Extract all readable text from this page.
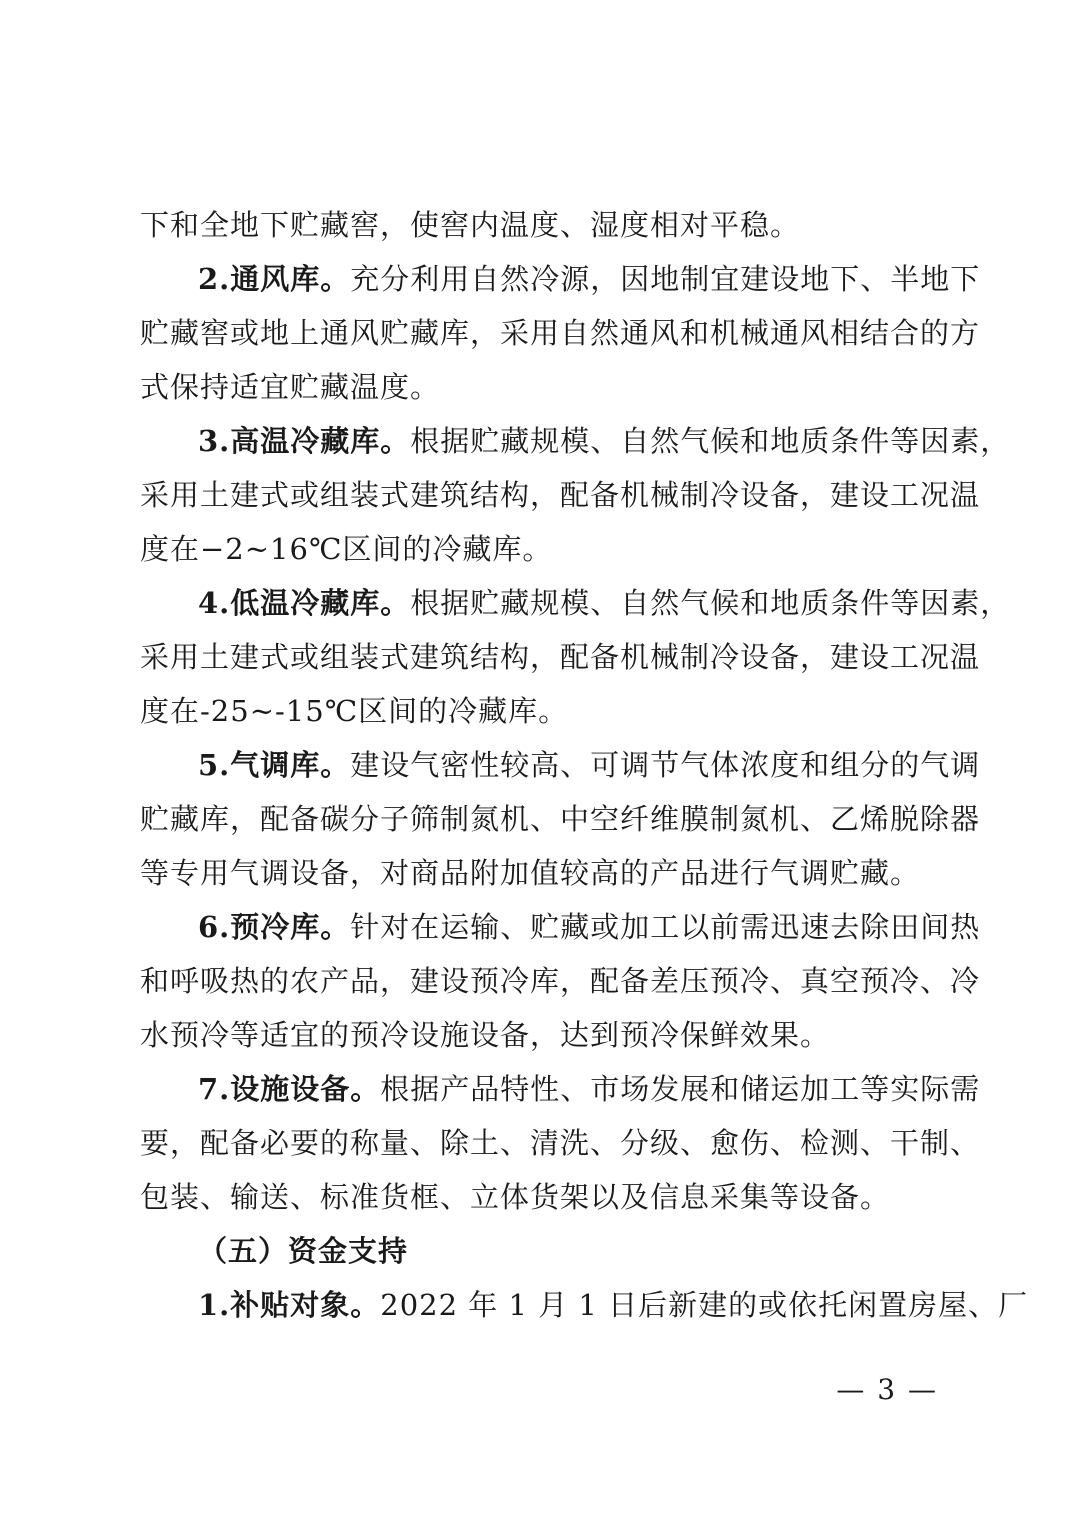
下和全地下贮藏窖，使窖内温度、湿度相对平稳。
2.通风库。充分利用自然冷源，因地制宜建设地下、半地下
贮藏窖或地上通风贮藏库，采用自然通风和机械通风相结合的方
式保持适宜贮藏温度。
3.高温冷藏库。根据贮藏规模、自然气候和地质条件等因素，
采用土建式或组装式建筑结构，配备机械制冷设备，建设工况温
度在−2~16℃区间的冷藏库。
4.低温冷藏库。根据贮藏规模、自然气候和地质条件等因素，
采用土建式或组装式建筑结构，配备机械制冷设备，建设工况温
度在-25~-15℃区间的冷藏库。
5.气调库。建设气密性较高、可调节气体浓度和组分的气调
贮藏库，配备碳分子筛制氮机、中空纤维膜制氮机、乙烯脱除器
等专用气调设备，对商品附加值较高的产品进行气调贮藏。
6.预冷库。针对在运输、贮藏或加工以前需迅速去除田间热
和呼吸热的农产品，建设预冷库，配备差压预冷、真空预冷、冷
水预冷等适宜的预冷设施设备，达到预冷保鲜效果。
7.设施设备。根据产品特性、市场发展和储运加工等实际需
要，配备必要的称量、除土、清洗、分级、愈伤、检测、干制、
包装、输送、标准货框、立体货架以及信息采集等设备。
（五）资金支持
1.补贴对象。2022 年 1 月 1 日后新建的或依托闲置房屋、厂
— 3 —
